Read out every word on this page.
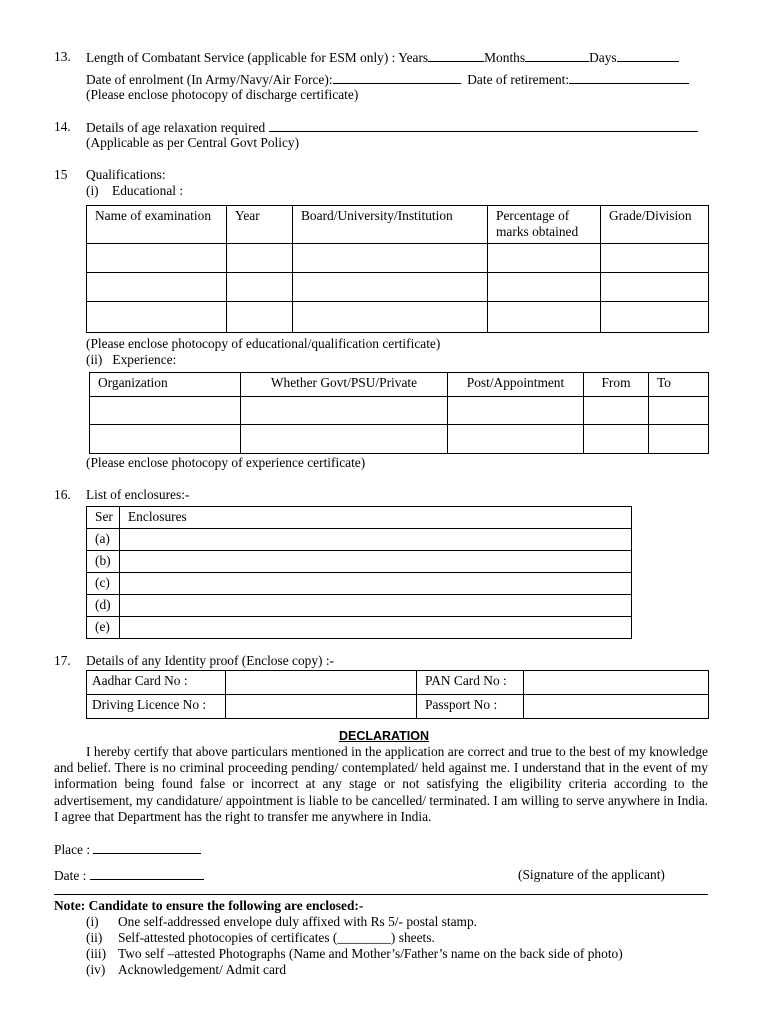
13. Length of Combatant Service (applicable for ESM only) : Years	Months	Days
Date of enrolment (In Army/Navy/Air Force):	Date of retirement:
(Please enclose photocopy of discharge certificate)
14. Details of age relaxation required
(Applicable as per Central Govt Policy)
15 Qualifications:
(i)    Educational :
Name of examination	Year	Board/University/Institution	Percentage of marks obtained	Grade/Division

(Please enclose photocopy of educational/qualification certificate)
(ii)   Experience:
Organization	Whether Govt/PSU/Private	Post/Appointment	From	To

(Please enclose photocopy of experience certificate)
16. List of enclosures:-
Ser	Enclosures
(a)	
(b)	
(c)	
(d)	
(e)	
17. Details of any Identity proof (Enclose copy) :-
Aadhar Card No :		PAN Card No :	
Driving Licence No :		Passport No :	
DECLARATION
I hereby certify that above particulars mentioned in the application are correct and true to the best of my knowledge and belief. There is no criminal proceeding pending/ contemplated/ held against me. I understand that in the event of my information being found false or incorrect at any stage or not satisfying the eligibility criteria according to the advertisement, my candidature/ appointment is liable to be cancelled/ terminated. I am willing to serve anywhere in India. I agree that Department has the right to transfer me anywhere in India.
Place :
Date :	(Signature of the applicant)
Note: Candidate to ensure the following are enclosed:-
(i) One self-addressed envelope duly affixed with Rs 5/- postal stamp.
(ii) Self-attested photocopies of certificates (________) sheets.
(iii) Two self –attested Photographs (Name and Mother’s/Father’s name on the back side of photo)
(iv) Acknowledgement/ Admit card
